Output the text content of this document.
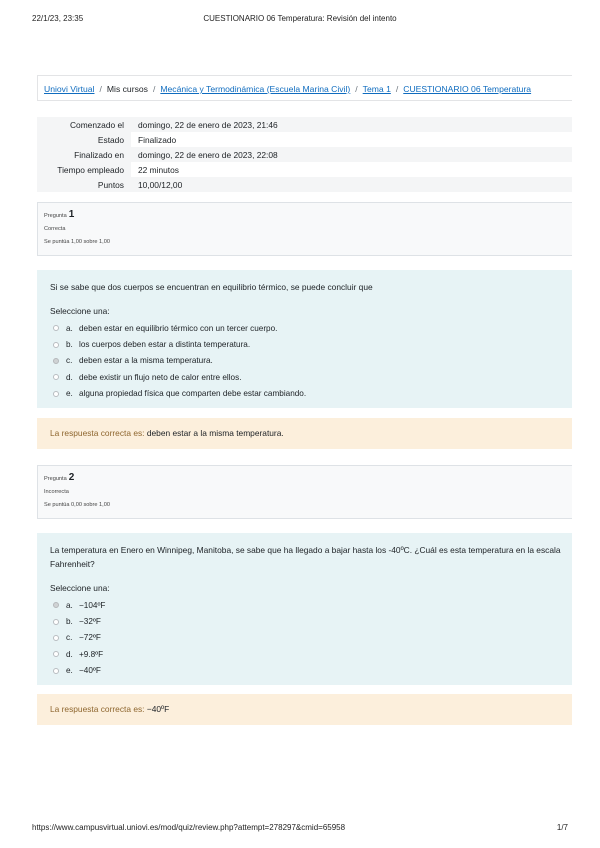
22/1/23, 23:35	CUESTIONARIO 06 Temperatura: Revisión del intento
Uniovi Virtual / Mis cursos / Mecánica y Termodinámica (Escuela Marina Civil) / Tema 1 / CUESTIONARIO 06 Temperatura
Comenzado el	domingo, 22 de enero de 2023, 21:46
Estado	Finalizado
Finalizado en	domingo, 22 de enero de 2023, 22:08
Tiempo empleado	22 minutos
Puntos	10,00/12,00
Pregunta 1
Correcta
Se puntúa 1,00 sobre 1,00
Si se sabe que dos cuerpos se encuentran en equilibrio térmico, se puede concluir que
Seleccione una:
a. deben estar en equilibrio térmico con un tercer cuerpo.
b. los cuerpos deben estar a distinta temperatura.
c. deben estar a la misma temperatura.
d. debe existir un flujo neto de calor entre ellos.
e. alguna propiedad física que comparten debe estar cambiando.
La respuesta correcta es: deben estar a la misma temperatura.
Pregunta 2
Incorrecta
Se puntúa 0,00 sobre 1,00
La temperatura en Enero en Winnipeg, Manitoba, se sabe que ha llegado a bajar hasta los -40ºC. ¿Cuál es esta temperatura en la escala
Fahrenheit?
Seleccione una:
a. −104ºF
b. −32ºF
c. −72ºF
d. +9.8ºF
e. −40ºF
La respuesta correcta es: −40ºF
https://www.campusvirtual.uniovi.es/mod/quiz/review.php?attempt=278297&cmid=65958	1/7
